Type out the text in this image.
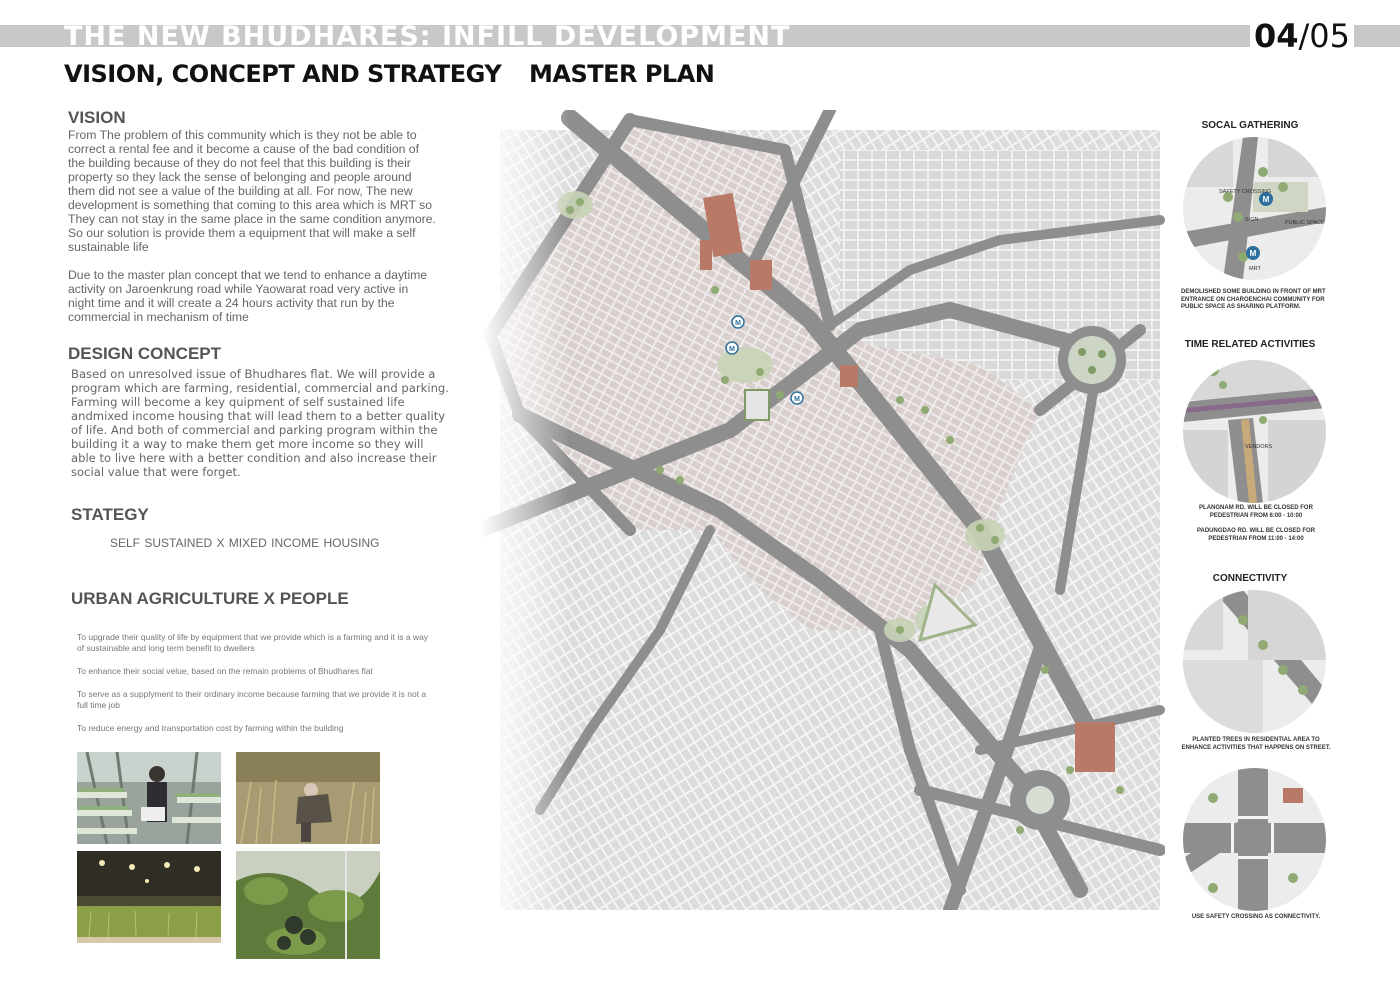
THE NEW BHUDHARES: INFILL DEVELOPMENT	04/05
VISION, CONCEPT AND STRATEGY
VISION

From The problem of this community which is they not be able to correct a rental fee and it become a cause of the bad condition of the building because of they do not feel that this building is their property so they lack the sense of belonging and people around them did not see a value of the building at all. For now, The new development is something that coming to this area which is MRT so They can not stay in the same place in the same condition anymore. So our solution is provide them a equipment that will make a self sustainable life

Due to the master plan concept that we tend to enhance a daytime activity on Jaroenkrung road while Yaowarat road very active in night time and it will create a 24 hours activity that run by the commercial in mechanism of time

DESIGN CONCEPT
Based on unresolved issue of Bhudhares flat. We will provide a program which are farming, residential, commercial and parking. Farming will become a key quipment of self sustained life andmixed income housing that will lead them to a better quality of life. And both of commercial and parking program within the building it a way to make them get more income so they will able to live here with a better condition and also increase their social value that were forget.
STATEGY
SELF SUSTAINED X MIXED INCOME HOUSING
URBAN AGRICULTURE X PEOPLE
To upgrade their quality of life by equipment that we provide which is a farming and it is a way of sustainable and long term benefit to dwellers
To enhance their social velue, based on the remain problems of Bhudhares flat
To serve as a supplyment to their ordinary income because farming that we provide it is not a full time job
To reduce energy and transportation cost by farming within the building
MASTER PLAN
M
M
M
SOCAL GATHERING
M
M
SAFETY CROSSING
SIGN	PUBLIC SPACE
MRT
DEMOLISHED SOME BUILDING IN FRONT OF MRT ENTRANCE ON CHAROENCHAI COMMUNITY FOR PUBLIC SPACE AS SHARING PLATFORM.
TIME RELATED ACTIVITIES
VENDORS
PLANGNAM RD. WILL BE CLOSED FOR PEDESTRIAN FROM 6:00 - 10:00
PADUNGDAO RD. WILL BE CLOSED FOR PEDESTRIAN FROM 11:00 - 14:00
CONNECTIVITY
PLANTED TREES IN RESIDENTIAL AREA TO ENHANCE ACTIVITIES THAT HAPPENS ON STREET.
USE SAFETY CROSSING AS CONNECTIVITY.
